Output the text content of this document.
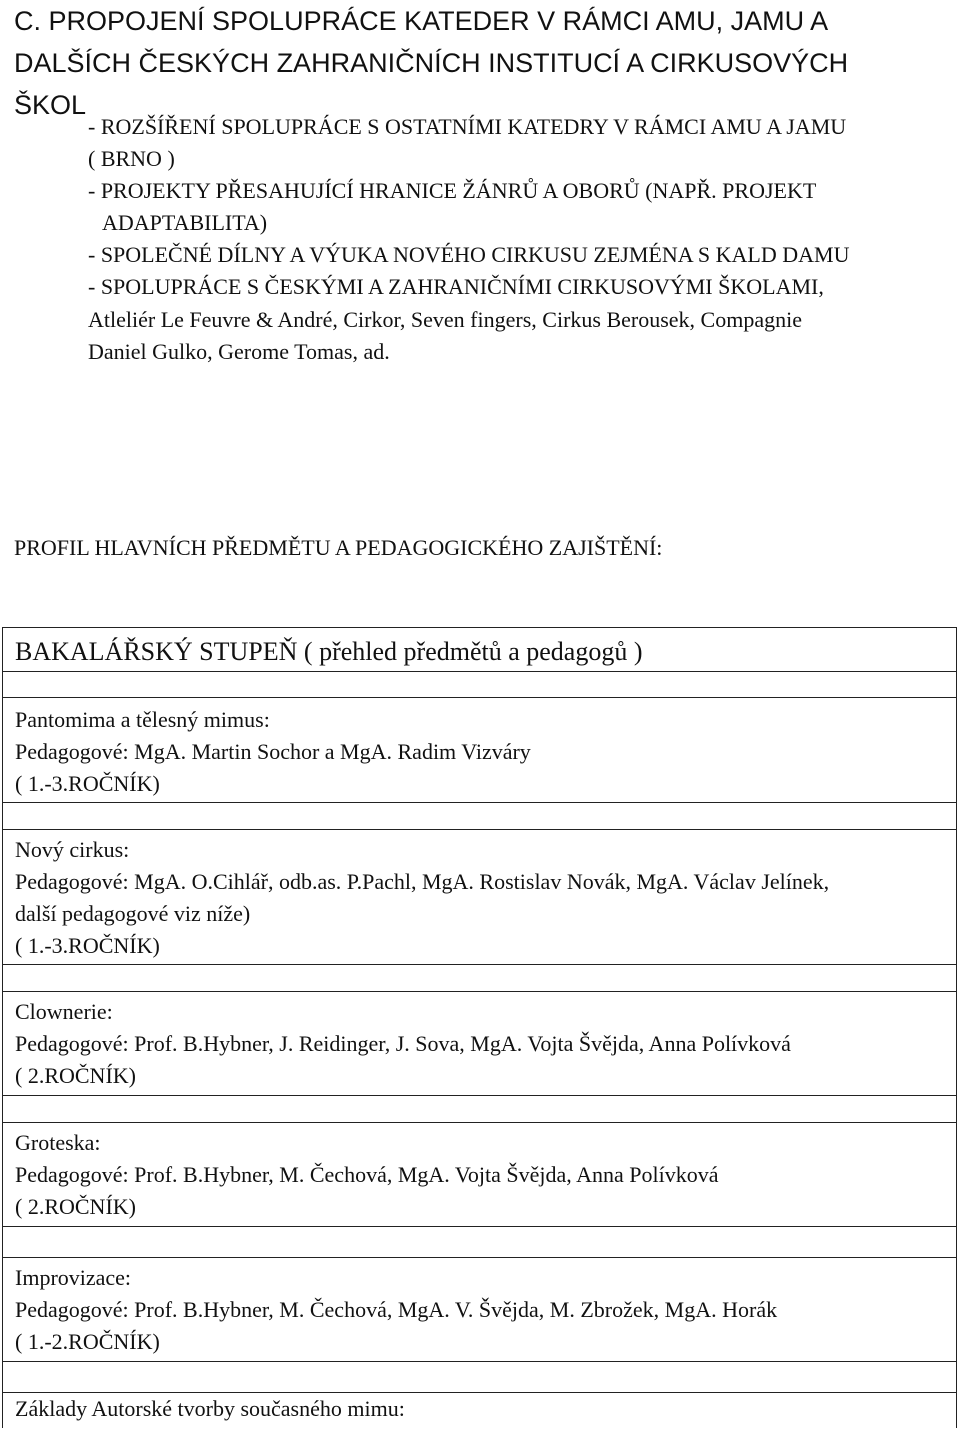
C. PROPOJENÍ SPOLUPRÁCE KATEDER V RÁMCI AMU, JAMU A
DALŠÍCH ČESKÝCH ZAHRANIČNÍCH INSTITUCÍ A CIRKUSOVÝCH
ŠKOL
- ROZŠÍŘENÍ SPOLUPRÁCE S OSTATNÍMI KATEDRY V RÁMCI AMU A JAMU
( BRNO )
- PROJEKTY PŘESAHUJÍCÍ HRANICE ŽÁNRŮ A OBORŮ (NAPŘ. PROJEKT
ADAPTABILITA)
- SPOLEČNÉ DÍLNY A VÝUKA NOVÉHO CIRKUSU ZEJMÉNA S KALD DAMU
- SPOLUPRÁCE S ČESKÝMI A ZAHRANIČNÍMI CIRKUSOVÝMI ŠKOLAMI,
Atleliér Le Feuvre & André, Cirkor, Seven fingers, Cirkus Berousek, Compagnie
Daniel Gulko, Gerome Tomas, ad.
PROFIL HLAVNÍCH PŘEDMĚTU A PEDAGOGICKÉHO ZAJIŠTĚNÍ:
BAKALÁŘSKÝ STUPEŇ ( přehled předmětů a pedagogů )
Pantomima a tělesný mimus:
Pedagogové: MgA. Martin Sochor a MgA. Radim Vizváry
( 1.-3.ROČNÍK)
Nový cirkus:
Pedagogové: MgA. O.Cihlář, odb.as. P.Pachl, MgA. Rostislav Novák, MgA. Václav Jelínek,
další pedagogové viz níže)
( 1.-3.ROČNÍK)
Clownerie:
Pedagogové: Prof. B.Hybner, J. Reidinger, J. Sova, MgA. Vojta Švějda, Anna Polívková
( 2.ROČNÍK)
Groteska:
Pedagogové: Prof. B.Hybner, M. Čechová, MgA. Vojta Švějda, Anna Polívková
( 2.ROČNÍK)
Improvizace:
Pedagogové: Prof. B.Hybner, M. Čechová, MgA. V. Švějda, M. Zbrožek, MgA. Horák
( 1.-2.ROČNÍK)
Základy Autorské tvorby současného mimu:
